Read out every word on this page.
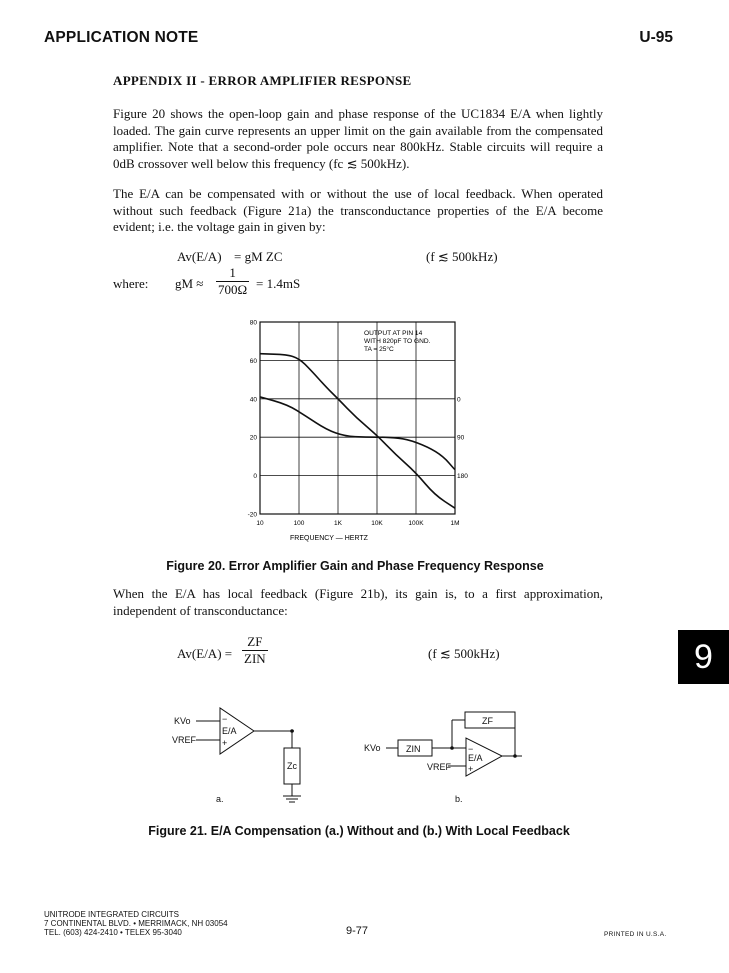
APPLICATION NOTE	U-95
APPENDIX II - ERROR AMPLIFIER RESPONSE
Figure 20 shows the open-loop gain and phase response of the UC1834 E/A when lightly loaded. The gain curve represents an upper limit on the gain available from the compensated amplifier. Note that a second-order pole occurs near 800kHz. Stable circuits will require a 0dB crossover well below this frequency (fc ≲ 500kHz).
The E/A can be compensated with or without the use of local feedback. When operated without such feedback (Figure 21a) the transconductance properties of the E/A become evident; i.e. the voltage gain in given by:
Av(E/A) = gM ZC	(f ≲ 500kHz)
where: gM ≈ $\frac{1}{700\Omega} = 1.4mS$
10	100	1K	10K	100K	1M
80
60
40
20
0
-20
0
90
180
FREQUENCY — HERTZ
OUTPUT AT PIN 14
WITH 820pF TO GND.
TA = 25°C
Figure 20. Error Amplifier Gain and Phase Frequency Response
When the E/A has local feedback (Figure 21b), its gain is, to a first approximation, independent of transconductance:
$Av(E/A) = \frac{ZF}{\text{ZIN}}$	(f ≲ 500kHz)	9
KVo
VREF
−
+
E/A
Zc
a.
KVo	ZIN
ZF
VREF
−
+
E/A
b.
Figure 21. E/A Compensation (a.) Without and (b.) With Local Feedback
UNITRODE INTEGRATED CIRCUITS
7 CONTINENTAL BLVD. • MERRIMACK, NH 03054
TEL. (603) 424-2410 • TELEX 95-3040	9-77	PRINTED IN U.S.A.
